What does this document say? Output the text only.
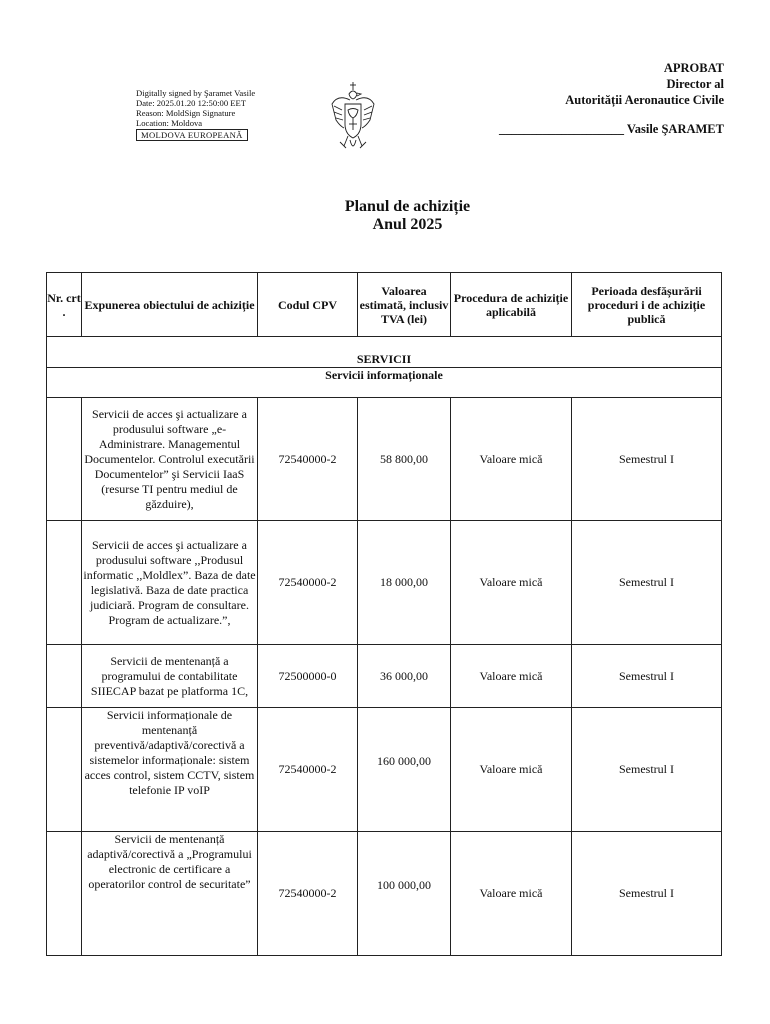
Digitally signed by Şaramet Vasile
Date: 2025.01.20 12:50:00 EET
Reason: MoldSign Signature
Location: Moldova
MOLDOVA EUROPEANĂ
APROBAT
Director al
Autorității Aeronautice Civile
____________________ Vasile ŞARAMET
Planul de achiziție
Anul 2025
Nr. crt .	Expunerea obiectului de achiziție	Codul CPV	Valoarea estimată, inclusiv TVA (lei)	Procedura de achiziție aplicabilă	Perioada desfășurării proceduri i de achiziție publică
SERVICII					
Servicii informaționale					
	Servicii de acces şi actualizare a produsului software „e-Administrare. Managementul Documentelor. Controlul executării Documentelor” şi Servicii IaaS (resurse TI pentru mediul de găzduire),	72540000-2	58 800,00	Valoare mică	Semestrul I
	Servicii de acces şi actualizare a produsului software ,,Produsul informatic ,,Moldlex”. Baza de date legislativă. Baza de date practica judiciară. Program de consultare. Program de actualizare.”,	72540000-2	18 000,00	Valoare mică	Semestrul I
	Servicii de mentenanță a programului de contabilitate SIIECAP bazat pe platforma 1C,	72500000-0	36 000,00	Valoare mică	Semestrul I
	Servicii informaționale de mentenanță preventivă/adaptivă/corectivă a sistemelor informaționale: sistem acces control, sistem CCTV, sistem telefonie IP voIP	72540000-2	160 000,00	Valoare mică	Semestrul I
	Servicii de mentenanță adaptivă/corectivă a „Programului electronic de certificare a operatorilor control de securitate”	72540000-2	100 000,00	Valoare mică	Semestrul I
